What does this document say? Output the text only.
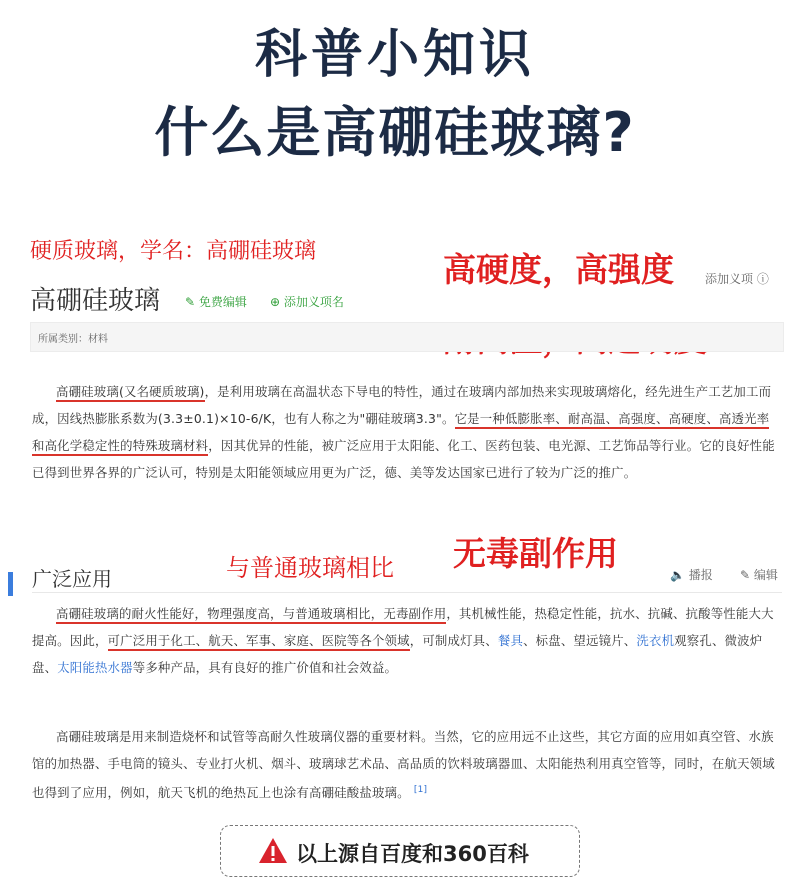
科普小知识
什么是高硼硅玻璃?
硬质玻璃，学名：高硼硅玻璃
高硼硅玻璃 ✎ 免费编辑 ⊕ 添加义项名
添加义项 ⓘ
高硬度，高强度
所属类别：材料
高硼硅玻璃(又名硬质玻璃)，是利用玻璃在高温状态下导电的特性，通过在玻璃内部加热来实现玻璃熔化，经先进生产工艺加工而成，因线热膨胀系数为(3.3±0.1)×10-6/K，也有人称之为"硼硅玻璃3.3"。它是一种低膨胀率、耐高温、高强度、高硬度、高透光率和高化学稳定性的特殊玻璃材料，因其优异的性能，被广泛应用于太阳能、化工、医药包装、电光源、工艺饰品等行业。它的良好性能已得到世界各界的广泛认可，特别是太阳能领域应用更为广泛，德、美等发达国家已进行了较为广泛的推广。
广泛应用	与普通玻璃相比 无毒副作用
🔈 播报 ✎ 编辑
高硼硅玻璃的耐火性能好，物理强度高，与普通玻璃相比，无毒副作用，其机械性能，热稳定性能，抗水、抗碱、抗酸等性能大大提高。因此，可广泛用于化工、航天、军事、家庭、医院等各个领域，可制成灯具、餐具、标盘、望远镜片、洗衣机观察孔、微波炉盘、太阳能热水器等多种产品，具有良好的推广价值和社会效益。
高硼硅玻璃是用来制造烧杯和试管等高耐久性玻璃仪器的重要材料。当然，它的应用远不止这些，其它方面的应用如真空管、水族馆的加热器、手电筒的镜头、专业打火机、烟斗、玻璃球艺术品、高品质的饮料玻璃器皿、太阳能热利用真空管等，同时，在航天领域也得到了应用，例如，航天飞机的绝热瓦上也涂有高硼硅酸盐玻璃。 [1]
以上源自百度和360百科
